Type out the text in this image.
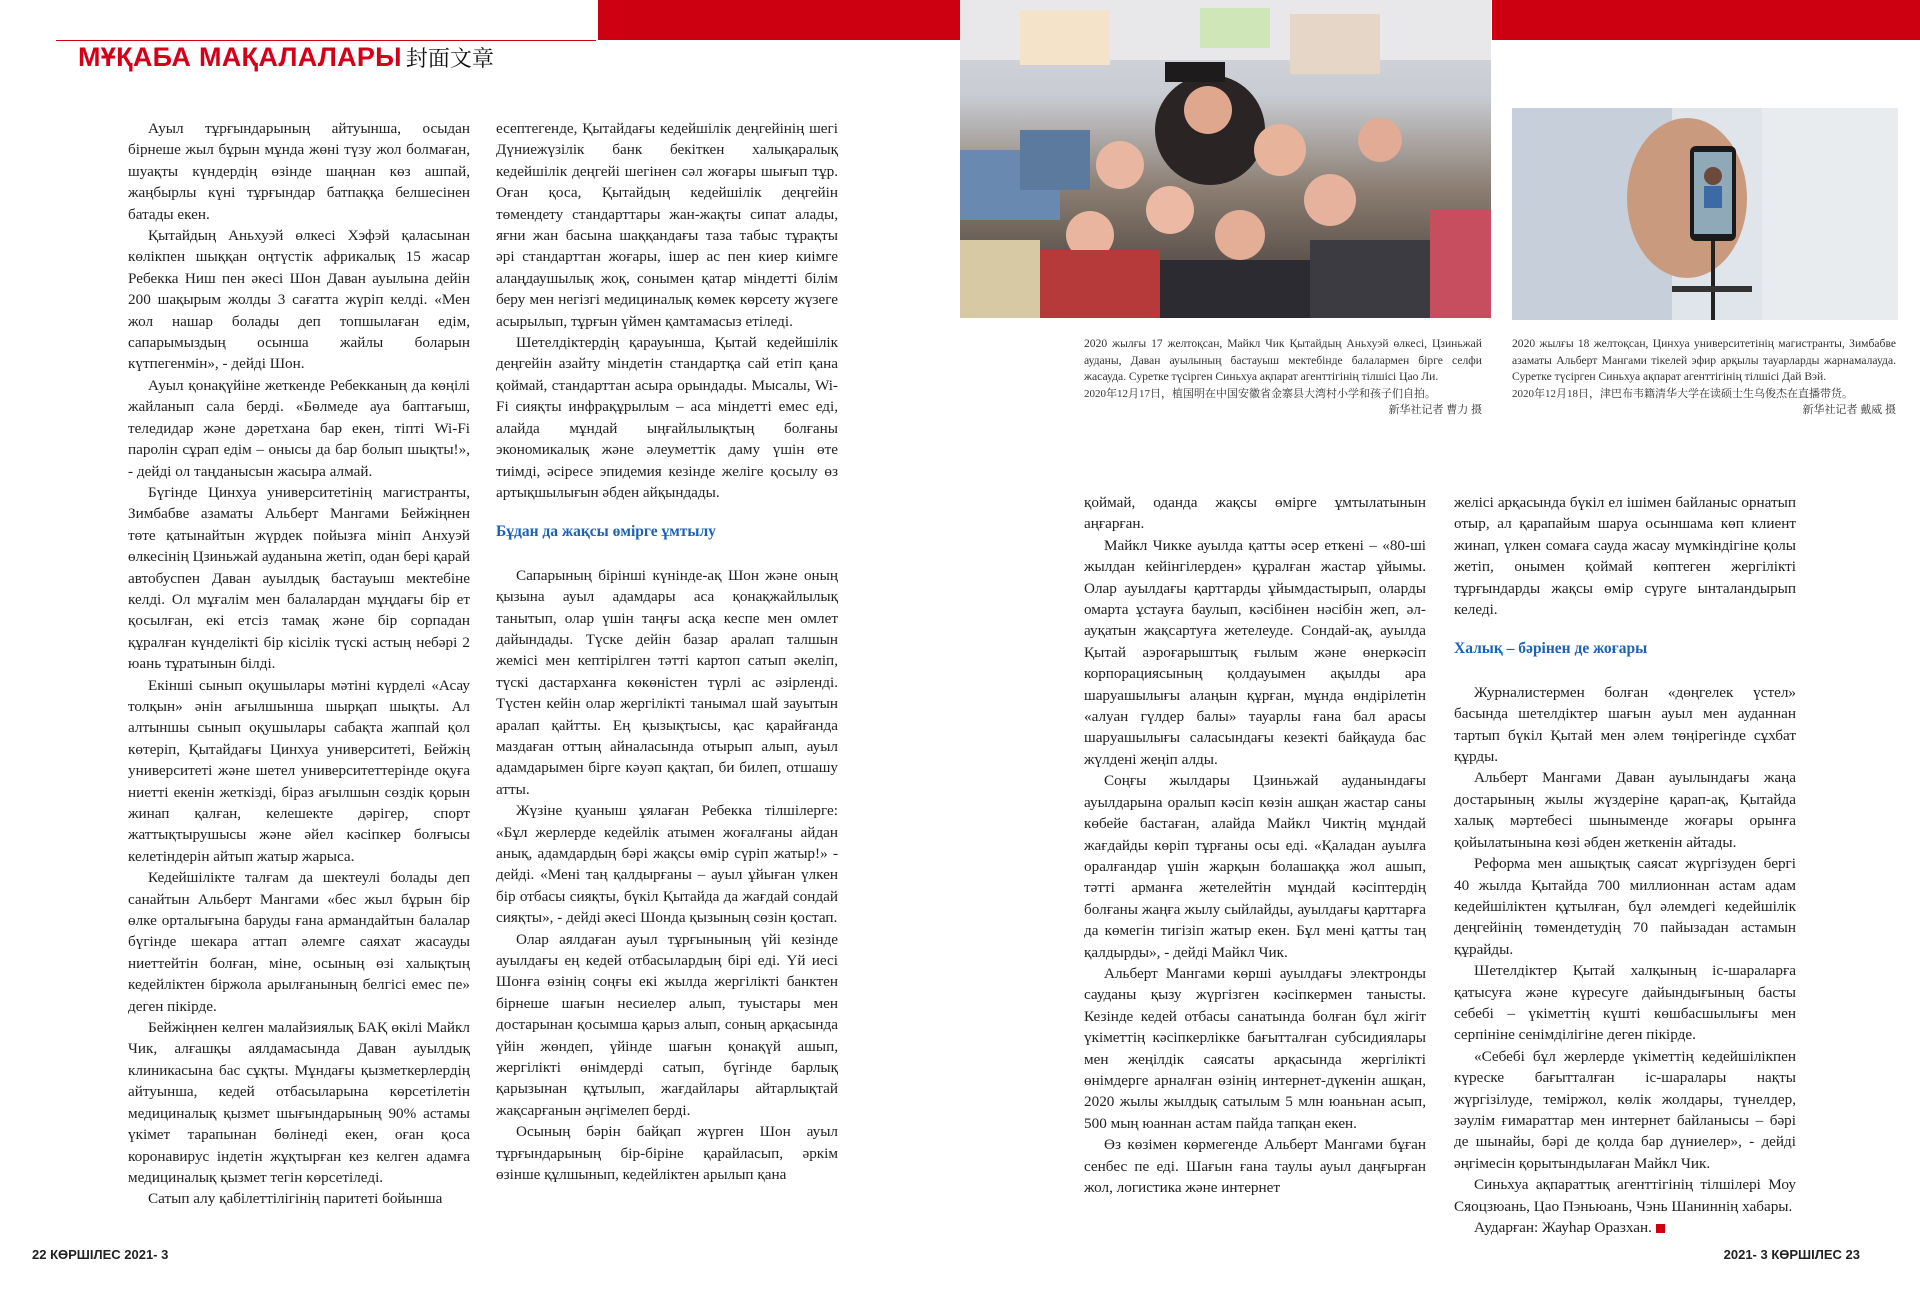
МҰҚАБА МАҚАЛАЛАРЫ 封面文章

Ауыл тұрғындарының айтуынша, осыдан бірнеше жыл бұрын мұнда жөні түзу жол болмаған, шуақты күндердің өзінде шаңнан көз ашпай, жаңбырлы күні тұрғындар батпаққа белшесінен батады екен.

Қытайдың Аньхуэй өлкесі Хэфэй қаласынан көлікпен шыққан оңтүстік африкалық 15 жасар Ребекка Ниш пен әкесі Шон Даван ауылына дейін 200 шақырым жолды 3 сағатта жүріп келді. «Мен жол нашар болады деп топшылаған едім, сапарымыздың осынша жайлы боларын күтпегенмін», - дейді Шон.

Ауыл қонақүйіне жеткенде Ребекканың да көңілі жайланып сала берді. «Бөлмеде ауа баптағыш, теледидар және дәретхана бар екен, тіпті Wi-Fi паролін сұрап едім – онысы да бар болып шықты!», - дейді ол таңданысын жасыра алмай.

Бүгінде Цинхуа университетінің магистранты, Зимбабве азаматы Альберт Мангами Бейжіңнен төте қатынайтын жүрдек пойызға мініп Анхуэй өлкесінің Цзиньжай ауданына жетіп, одан бері қарай автобуспен Даван ауылдық бастауыш мектебіне келді. Ол мұғалім мен балалардан мұңдағы бір ет қосылған, екі етсіз тамақ және бір сорпадан құралған күнделікті бір кісілік түскі астың небәрі 2 юань тұратынын білді.

Екінші сынып оқушылары мәтіні күрделі «Асау толқын» әнін ағылшынша шырқап шықты. Ал алтыншы сынып оқушылары сабақта жаппай қол көтеріп, Қытайдағы Цинхуа университеті, Бейжің университеті және шетел университеттерінде оқуға ниетті екенін жеткізді, біраз ағылшын сөздік қорын жинап қалған, келешекте дәрігер, спорт жаттықтырушысы және әйел кәсіпкер болғысы келетіндерін айтып жатыр жарыса.

Кедейшілікте талғам да шектеулі болады деп санайтын Альберт Мангами «бес жыл бұрын бір өлке орталығына баруды ғана армандайтын балалар бүгінде шекара аттап әлемге саяхат жасауды ниеттейтін болған, міне, осының өзі халықтың кедейліктен біржола арылғанының белгісі емес пе» деген пікірде.

Бейжіңнен келген малайзиялық БАҚ өкілі Майкл Чик, алғашқы аялдамасында Даван ауылдық клиникасына бас сұқты. Мұндағы қызметкерлердің айтуынша, кедей отбасыларына көрсетілетін медициналық қызмет шығындарының 90% астамы үкімет тарапынан бөлінеді екен, оған қоса коронавирус індетін жұқтырған кез келген адамға медициналық қызмет тегін көрсетіледі.

Сатып алу қабілеттілігінің паритеті бойынша

есептегенде, Қытайдағы кедейшілік деңгейінің шегі Дүниежүзілік банк бекіткен халықаралық кедейшілік деңгейі шегінен сәл жоғары шығып тұр. Оған қоса, Қытайдың кедейшілік деңгейін төмендету стандарттары жан-жақты сипат алады, яғни жан басына шаққандағы таза табыс тұрақты әрі стандарттан жоғары, ішер ас пен киер киімге алаңдаушылық жоқ, сонымен қатар міндетті білім беру мен негізгі медициналық көмек көрсету жүзеге асырылып, тұрғын үймен қамтамасыз етіледі.

Шетелдіктердің қарауынша, Қытай кедейшілік деңгейін азайту міндетін стандартқа сай етіп қана қоймай, стандарттан асыра орындады. Мысалы, Wi-Fi сияқты инфрақұрылым – аса міндетті емес еді, алайда мұндай ыңғайлылықтың болғаны экономикалық және әлеуметтік даму үшін өте тиімді, әсіресе эпидемия кезінде желіге қосылу өз артықшылығын әбден айқындады.

Бұдан да жақсы өмірге ұмтылу

Сапарының бірінші күнінде-ақ Шон және оның қызына ауыл адамдары аса қонақжайлылық танытып, олар үшін таңғы асқа кеспе мен омлет дайындады. Түске дейін базар аралап талшын жемісі мен кептірілген тәтті картоп сатып әкеліп, түскі дастарханға көкөністен түрлі ас әзірленді. Түстен кейін олар жергілікті танымал шай зауытын аралап қайтты. Ең қызықтысы, қас қарайғанда маздаған оттың айналасында отырып алып, ауыл адамдарымен бірге кәуәп қақтап, би билеп, отшашу атты.

Жүзіне қуаныш ұялаған Ребекка тілшілерге: «Бұл жерлерде кедейлік атымен жоғалғаны айдан анық, адамдардың бәрі жақсы өмір сүріп жатыр!» - дейді. «Мені таң қалдырғаны – ауыл ұйыған үлкен бір отбасы сияқты, бүкіл Қытайда да жағдай сондай сияқты», - дейді әкесі Шонда қызының сөзін қостап.

Олар аялдаған ауыл тұрғынының үйі кезінде ауылдағы ең кедей отбасылардың бірі еді. Үй иесі Шонға өзінің соңғы екі жылда жергілікті банктен бірнеше шағын несиелер алып, туыстары мен достарынан қосымша қарыз алып, соның арқасында үйін жөндеп, үйінде шағын қонақүй ашып, жергілікті өнімдерді сатып, бүгінде барлық қарызынан құтылып, жағдайлары айтарлықтай жақсарғанын әңгімелеп берді.

Осының бәрін байқап жүрген Шон ауыл тұрғындарының бір-біріне қарайласып, әркім өзінше құлшынып, кедейліктен арылып қана

22 КӨРШІЛЕС 2021- 3
2020 жылғы 17 желтоқсан, Майкл Чик Қытайдың Аньхуэй өлкесі, Цзиньжай ауданы, Даван ауылының бастауыш мектебінде балалармен бірге селфи жасауда. Суретке түсірген Синьхуа ақпарат агенттігінің тілшісі Цао Ли.
2020年12月17日，植国明在中国安徽省金寨县大湾村小学和孩子们自拍。
新华社记者 曹力 摄
2020 жылғы 18 желтоқсан, Цинхуа университетінің магистранты, Зимбабве азаматы Альберт Мангами тікелей эфир арқылы тауарларды жарнамалауда. Суретке түсірген Синьхуа ақпарат агенттігінің тілшісі Дай Вэй.
2020年12月18日，津巴布韦籍清华大学在读硕士生乌俊杰在直播带货。
新华社记者 戴威 摄

қоймай, оданда жақсы өмірге ұмтылатынын аңғарған.

Майкл Чикке ауылда қатты әсер еткені – «80-ші жылдан кейінгілерден» құралған жастар ұйымы. Олар ауылдағы қарттарды ұйымдастырып, оларды омарта ұстауға баулып, кәсібінен нәсібін жеп, әл-ауқатын жақсартуға жетелеуде. Сондай-ақ, ауылда Қытай аэроғарыштық ғылым және өнеркәсіп корпорациясының қолдауымен ақылды ара шаруашылығы алаңын құрған, мұнда өндірілетін «алуан гүлдер балы» тауарлы ғана бал арасы шаруашылығы саласындағы кезекті байқауда бас жүлдені жеңіп алды.

Соңғы жылдары Цзиньжай ауданындағы ауылдарына оралып кәсіп көзін ашқан жастар саны көбейе бастаған, алайда Майкл Чиктің мұндай жағдайды көріп тұрғаны осы еді. «Қаладан ауылға оралғандар үшін жарқын болашаққа жол ашып, тәтті арманға жетелейтін мұндай кәсіптердің болғаны жаңға жылу сыйлайды, ауылдағы қарттарға да көмегін тигізіп жатыр екен. Бұл мені қатты таң қалдырды», - дейді Майкл Чик.

Альберт Мангами көрші ауылдағы электронды сауданы қызу жүргізген кәсіпкермен танысты. Кезінде кедей отбасы санатында болған бұл жігіт үкіметтің кәсіпкерлікке бағытталған субсидиялары мен жеңілдік саясаты арқасында жергілікті өнімдерге арналған өзінің интернет-дүкенін ашқан, 2020 жылы жылдық сатылым 5 млн юаньнан асып, 500 мың юаннан астам пайда тапқан екен.

Өз көзімен көрмегенде Альберт Мангами бұған сенбес пе еді. Шағын ғана таулы ауыл даңғырған жол, логистика және интернет

желісі арқасында бүкіл ел ішімен байланыс орнатып отыр, ал қарапайым шаруа осыншама көп клиент жинап, үлкен сомаға сауда жасау мүмкіндігіне қолы жетіп, онымен қоймай көптеген жергілікті тұрғындарды жақсы өмір сүруге ынталандырып келеді.

Халық – бәрінен де жоғары

Журналистермен болған «дөңгелек үстел» басында шетелдіктер шағын ауыл мен ауданнан тартып бүкіл Қытай мен әлем төңірегінде сұхбат құрды.

Альберт Мангами Даван ауылындағы жаңа достарының жылы жүздеріне қарап-ақ, Қытайда халық мәртебесі шыныменде жоғары орынға қойылатынына көзі әбден жеткенін айтады.

Реформа мен ашықтық саясат жүргізуден бергі 40 жылда Қытайда 700 миллионнан астам адам кедейшіліктен құтылған, бұл әлемдегі кедейшілік деңгейінің төмендетудің 70 пайызадан астамын құрайды.

Шетелдіктер Қытай халқының іс-шараларға қатысуға және күресуге дайындығының басты себебі – үкіметтің күшті көшбасшылығы мен серпініне сенімділігіне деген пікірде.

«Себебі бұл жерлерде үкіметтің кедейшілікпен күреске бағытталған іс-шаралары нақты жүргізілуде, теміржол, көлік жолдары, түнелдер, зәулім ғимараттар мен интернет байланысы – бәрі де шынайы, бәрі де қолда бар дүниелер», - дейді әңгімесін қорытындылаған Майкл Чик.

Синьхуа ақпараттық агенттігінің тілшілері Моу Сяоцзюань, Цао Пэньюань, Чэнь Шаниннің хабары.

Аударған: Жауһар Оразхан.

2021- 3 КӨРШІЛЕС 23
